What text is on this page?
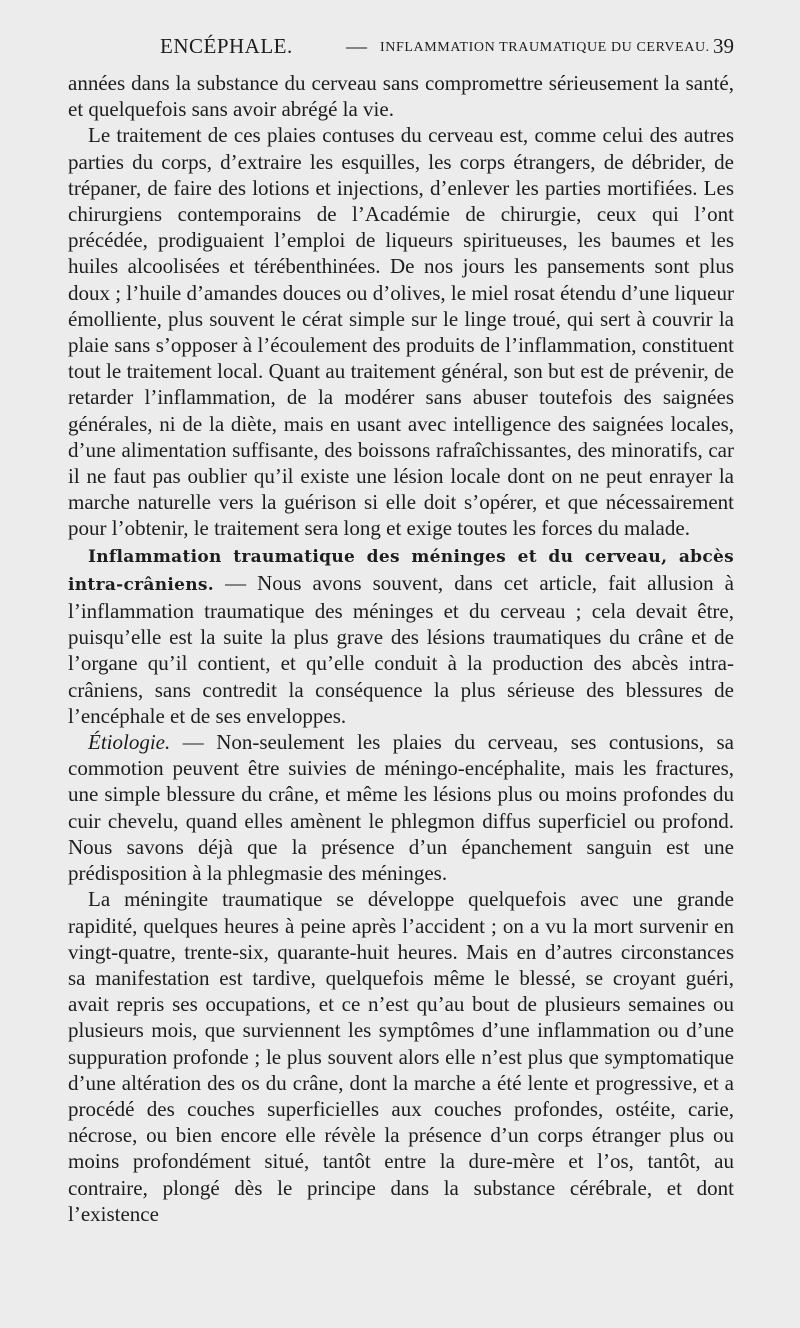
ENCÉPHALE.	— INFLAMMATION TRAUMATIQUE DU CERVEAU. 39

années dans la substance du cerveau sans compromettre sérieusement la santé, et quelquefois sans avoir abrégé la vie.

Le traitement de ces plaies contuses du cerveau est, comme celui des autres parties du corps, d’extraire les esquilles, les corps étrangers, de débrider, de trépaner, de faire des lotions et injections, d’enlever les parties mortifiées. Les chirurgiens contemporains de l’Académie de chirurgie, ceux qui l’ont précédée, prodiguaient l’emploi de liqueurs spiritueuses, les baumes et les huiles alcoolisées et térébenthinées. De nos jours les pansements sont plus doux ; l’huile d’amandes douces ou d’olives, le miel rosat étendu d’une liqueur émolliente, plus souvent le cérat simple sur le linge troué, qui sert à couvrir la plaie sans s’opposer à l’écoulement des produits de l’inflammation, constituent tout le traitement local. Quant au traitement général, son but est de prévenir, de retarder l’inflammation, de la modérer sans abuser toutefois des saignées générales, ni de la diète, mais en usant avec intelligence des saignées locales, d’une alimentation suffisante, des boissons rafraîchissantes, des minoratifs, car il ne faut pas oublier qu’il existe une lésion locale dont on ne peut enrayer la marche naturelle vers la guérison si elle doit s’opérer, et que nécessairement pour l’obtenir, le traitement sera long et exige toutes les forces du malade.

Inflammation traumatique des méninges et du cerveau, abcès intra-crâniens. — Nous avons souvent, dans cet article, fait allusion à l’inflammation traumatique des méninges et du cerveau ; cela devait être, puisqu’elle est la suite la plus grave des lésions traumatiques du crâne et de l’organe qu’il contient, et qu’elle conduit à la production des abcès intra-crâniens, sans contredit la conséquence la plus sérieuse des blessures de l’encéphale et de ses enveloppes.

Étiologie. — Non-seulement les plaies du cerveau, ses contusions, sa commotion peuvent être suivies de méningo-encéphalite, mais les fractures, une simple blessure du crâne, et même les lésions plus ou moins profondes du cuir chevelu, quand elles amènent le phlegmon diffus superficiel ou profond. Nous savons déjà que la présence d’un épanchement sanguin est une prédisposition à la phlegmasie des méninges.

La méningite traumatique se développe quelquefois avec une grande rapidité, quelques heures à peine après l’accident ; on a vu la mort survenir en vingt-quatre, trente-six, quarante-huit heures. Mais en d’autres circonstances sa manifestation est tardive, quelquefois même le blessé, se croyant guéri, avait repris ses occupations, et ce n’est qu’au bout de plusieurs semaines ou plusieurs mois, que surviennent les symptômes d’une inflammation ou d’une suppuration profonde ; le plus souvent alors elle n’est plus que symptomatique d’une altération des os du crâne, dont la marche a été lente et progressive, et a procédé des couches superficielles aux couches profondes, ostéite, carie, nécrose, ou bien encore elle révèle la présence d’un corps étranger plus ou moins profondément situé, tantôt entre la dure-mère et l’os, tantôt, au contraire, plongé dès le principe dans la substance cérébrale, et dont l’existence
